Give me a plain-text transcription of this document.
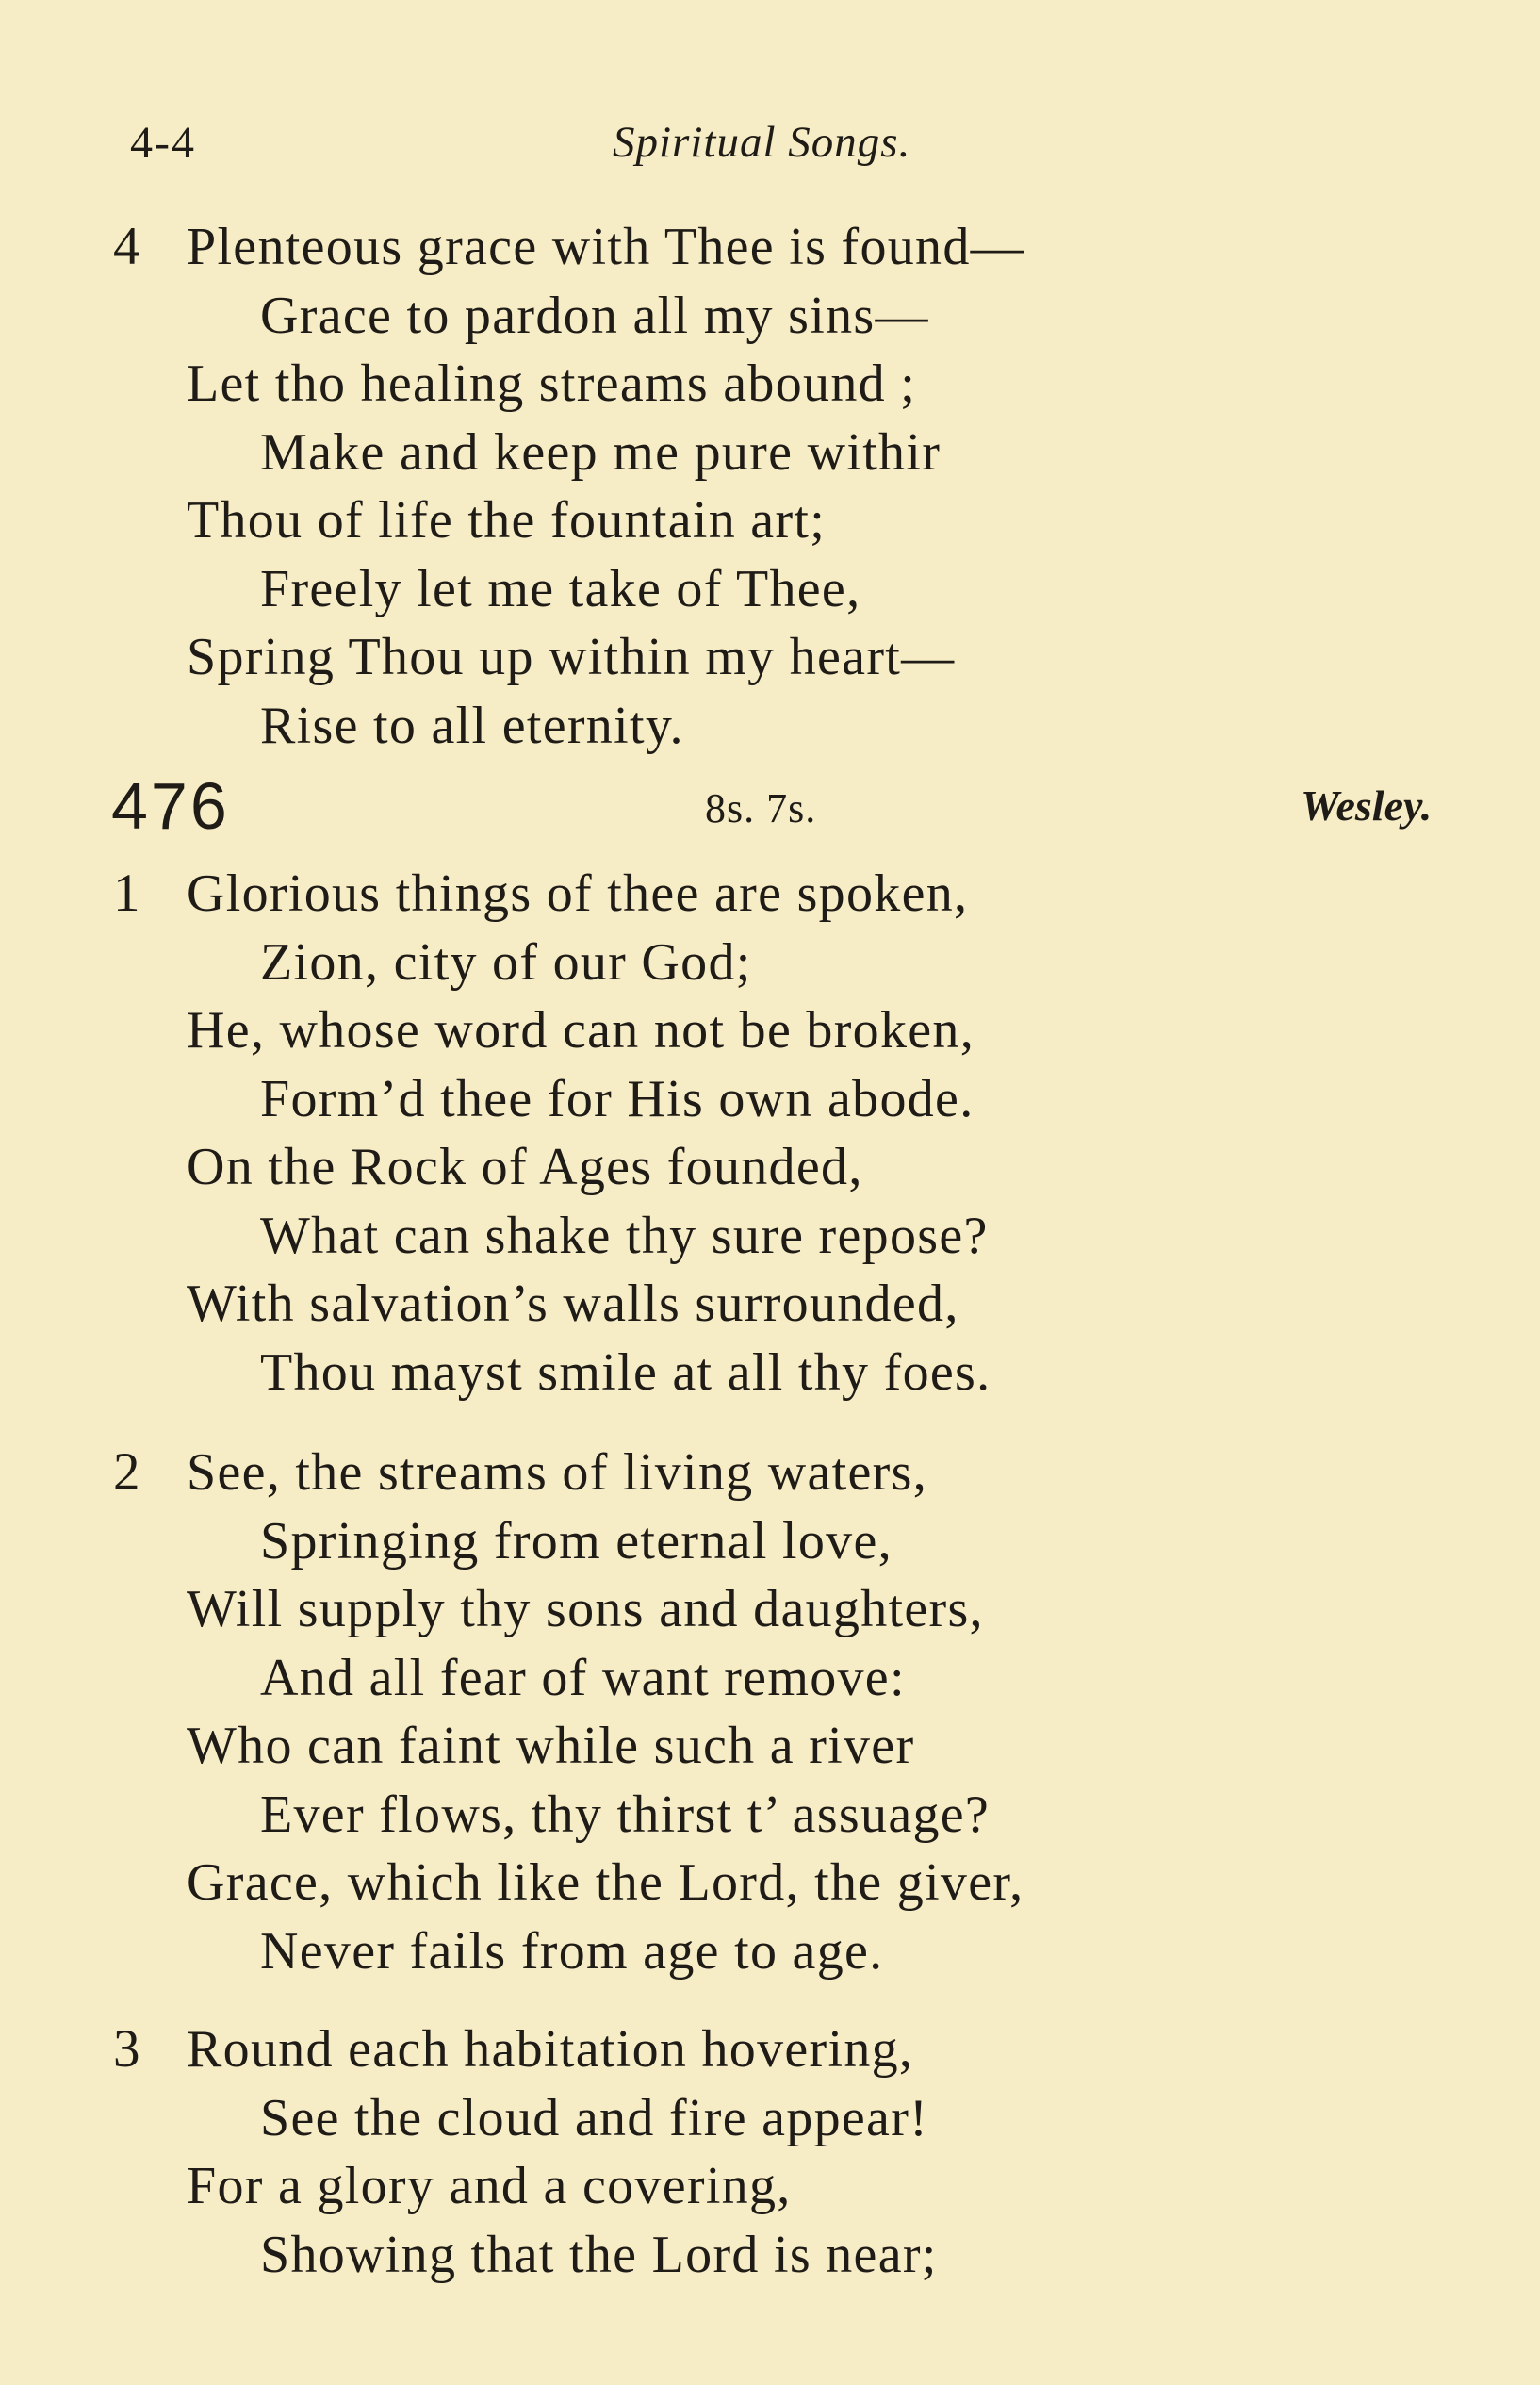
4-4	Spiritual Songs.
4 Plenteous grace with Thee is found—
Grace to pardon all my sins—
Let tho healing streams abound ;
Make and keep me pure withir
Thou of life the fountain art;
Freely let me take of Thee,
Spring Thou up within my heart—
Rise to all eternity.
476	8s. 7s.	Wesley.
1 Glorious things of thee are spoken,
Zion, city of our God;
He, whose word can not be broken,
Form’d thee for His own abode.
On the Rock of Ages founded,
What can shake thy sure repose?
With salvation’s walls surrounded,
Thou mayst smile at all thy foes.
2 See, the streams of living waters,
Springing from eternal love,
Will supply thy sons and daughters,
And all fear of want remove:
Who can faint while such a river
Ever flows, thy thirst t’ assuage?
Grace, which like the Lord, the giver,
Never fails from age to age.
3 Round each habitation hovering,
See the cloud and fire appear!
For a glory and a covering,
Showing that the Lord is near;
